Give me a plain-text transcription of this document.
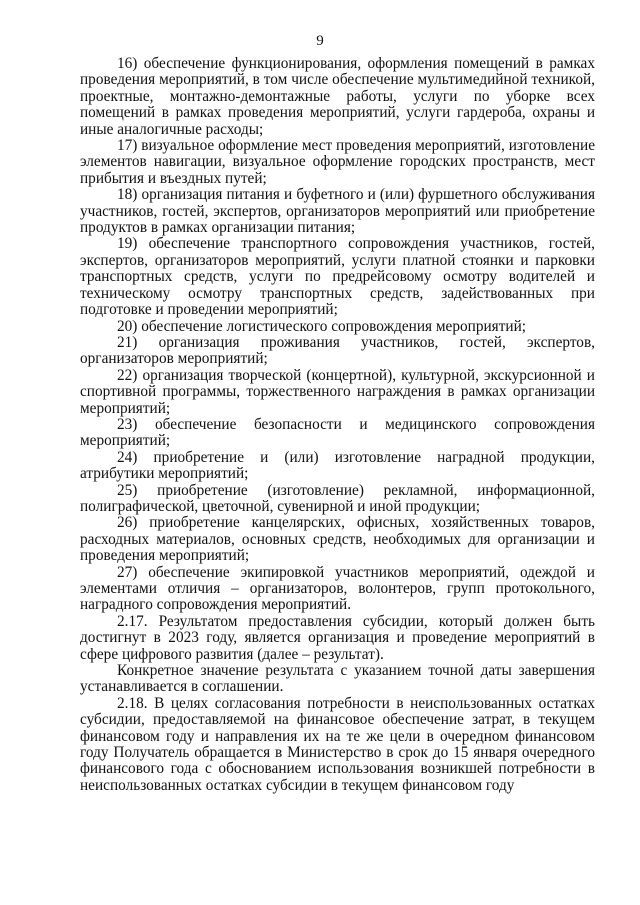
9

16) обеспечение функционирования, оформления помещений в рамках проведения мероприятий, в том числе обеспечение мультимедийной техникой, проектные, монтажно-демонтажные работы, услуги по уборке всех помещений в рамках проведения мероприятий, услуги гардероба, охраны и иные аналогичные расходы;

17) визуальное оформление мест проведения мероприятий, изготовление элементов навигации, визуальное оформление городских пространств, мест прибытия и въездных путей;

18) организация питания и буфетного и (или) фуршетного обслуживания участников, гостей, экспертов, организаторов мероприятий или приобретение продуктов в рамках организации питания;

19) обеспечение транспортного сопровождения участников, гостей, экспертов, организаторов мероприятий, услуги платной стоянки и парковки транспортных средств, услуги по предрейсовому осмотру водителей и техническому осмотру транспортных средств, задействованных при подготовке и проведении мероприятий;

20) обеспечение логистического сопровождения мероприятий;

21) организация проживания участников, гостей, экспертов, организаторов мероприятий;

22) организация творческой (концертной), культурной, экскурсионной и спортивной программы, торжественного награждения в рамках организации мероприятий;

23) обеспечение безопасности и медицинского сопровождения мероприятий;

24) приобретение и (или) изготовление наградной продукции, атрибутики мероприятий;

25) приобретение (изготовление) рекламной, информационной, полиграфической, цветочной, сувенирной и иной продукции;

26) приобретение канцелярских, офисных, хозяйственных товаров, расходных материалов, основных средств, необходимых для организации и проведения мероприятий;

27) обеспечение экипировкой участников мероприятий, одеждой и элементами отличия – организаторов, волонтеров, групп протокольного, наградного сопровождения мероприятий.

2.17. Результатом предоставления субсидии, который должен быть достигнут в 2023 году, является организация и проведение мероприятий в сфере цифрового развития (далее – результат).

Конкретное значение результата с указанием точной даты завершения устанавливается в соглашении.

2.18. В целях согласования потребности в неиспользованных остатках субсидии, предоставляемой на финансовое обеспечение затрат, в текущем финансовом году и направления их на те же цели в очередном финансовом году Получатель обращается в Министерство в срок до 15 января очередного финансового года с обоснованием использования возникшей потребности в неиспользованных остатках субсидии в текущем финансовом году
